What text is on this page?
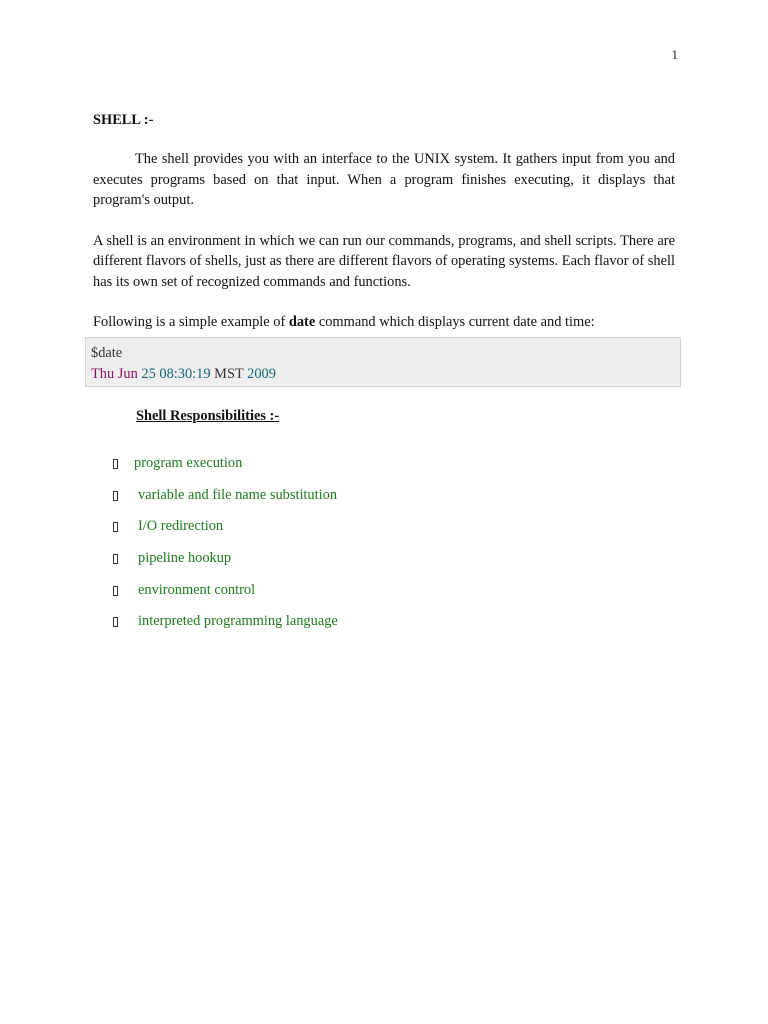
1
SHELL :-

The shell provides you with an interface to the UNIX system. It gathers input from you and executes programs based on that input. When a program finishes executing, it displays that program's output.

A shell is an environment in which we can run our commands, programs, and shell scripts. There are different flavors of shells, just as there are different flavors of operating systems. Each flavor of shell has its own set of recognized commands and functions.

Following is a simple example of date command which displays current date and time:

$date
Thu Jun 25 08:30:19 MST 2009
Shell Responsibilities :-
program execution
variable and file name substitution
I/O redirection
pipeline hookup
environment control
interpreted programming language
